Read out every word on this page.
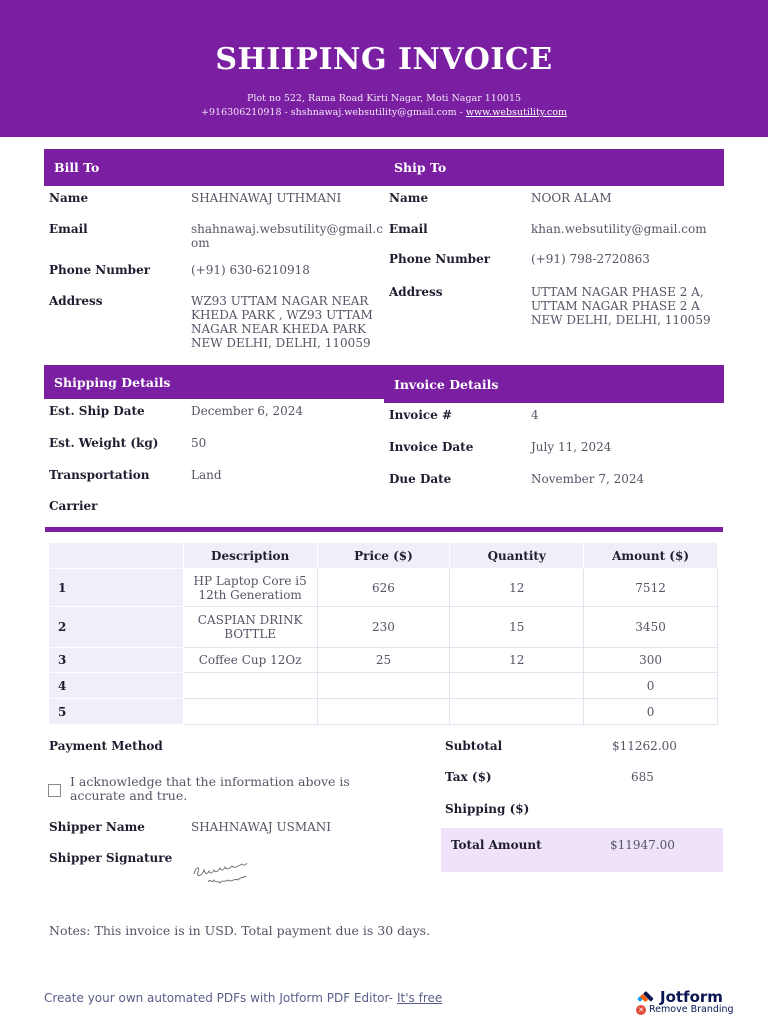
SHIIPING INVOICE
Plot no 522, Rama Road Kirti Nagar, Moti Nagar 110015
+916306210918 - shshnawaj.websutility@gmail.com - www.websutility.com
Bill To	Ship To
Name	SHAHNAWAJ UTHMANI
Email	shahnawaj.websutility@gmail.c
om
Phone Number	(+91) 630-6210918
Address	WZ93 UTTAM NAGAR NEAR
KHEDA PARK , WZ93 UTTAM
NAGAR NEAR KHEDA PARK
NEW DELHI, DELHI, 110059
Name	NOOR ALAM
Email	khan.websutility@gmail.com
Phone Number	(+91) 798-2720863
Address	UTTAM NAGAR PHASE 2 A,
UTTAM NAGAR PHASE 2 A
NEW DELHI, DELHI, 110059
Shipping Details	Invoice Details
Est. Ship Date	December 6, 2024
Est. Weight (kg)	50
Transportation	Land
Carrier
Invoice #	4
Invoice Date	July 11, 2024
Due Date	November 7, 2024
	Description	Price ($)	Quantity	Amount ($)
1	HP Laptop Core i5
12th Generatiom	626	12	7512
2	CASPIAN DRINK
BOTTLE	230	15	3450
3	Coffee Cup 12Oz	25	12	300
4				0
5				0
Payment Method
I acknowledge that the information above is
accurate and true.
Shipper Name	SHAHNAWAJ USMANI
Shipper Signature
Subtotal	$11262.00
Tax ($)	685
Shipping ($)
Total Amount	$11947.00
Notes: This invoice is in USD. Total payment due is 30 days.
Create your own automated PDFs with Jotform PDF Editor- It's free	Jotform
✕ Remove Branding
